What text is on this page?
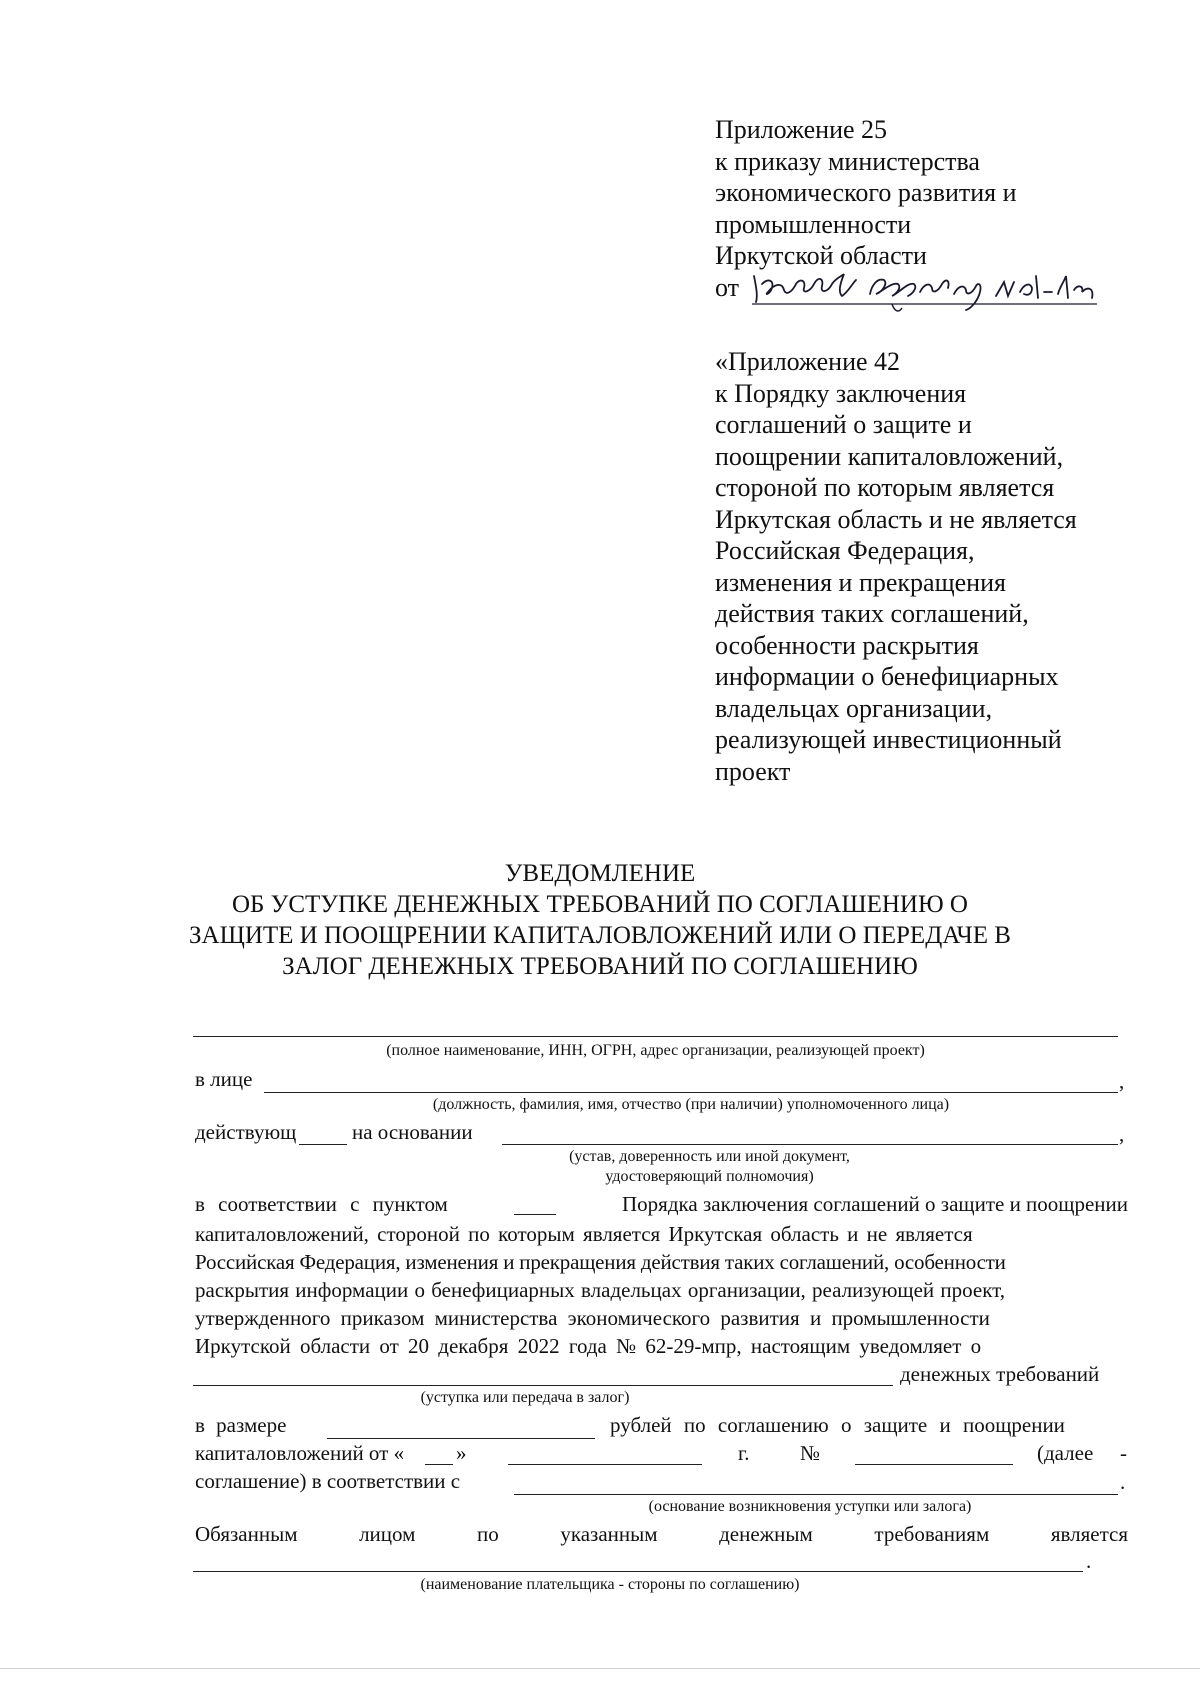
Приложение 25
к приказу министерства
экономического развития и
промышленности
Иркутской области
от
«Приложение 42
к Порядку заключения
соглашений о защите и
поощрении капиталовложений,
стороной по которым является
Иркутская область и не является
Российская Федерация,
изменения и прекращения
действия таких соглашений,
особенности раскрытия
информации о бенефициарных
владельцах организации,
реализующей инвестиционный
проект
УВЕДОМЛЕНИЕ
ОБ УСТУПКЕ ДЕНЕЖНЫХ ТРЕБОВАНИЙ ПО СОГЛАШЕНИЮ О
ЗАЩИТЕ И ПООЩРЕНИИ КАПИТАЛОВЛОЖЕНИЙ ИЛИ О ПЕРЕДАЧЕ В
ЗАЛОГ ДЕНЕЖНЫХ ТРЕБОВАНИЙ ПО СОГЛАШЕНИЮ
(полное наименование, ИНН, ОГРН, адрес организации, реализующей проект)
в лице	,
(должность, фамилия, имя, отчество (при наличии) уполномоченного лица)
действующ	на основании	,
(устав, доверенность или иной документ,
удостоверяющий полномочия)
в соответствии с пунктом	Порядка заключения соглашений о защите и поощрении
капиталовложений, стороной по которым является Иркутская область и не является
Российская Федерация, изменения и прекращения действия таких соглашений, особенности
раскрытия информации о бенефициарных владельцах организации, реализующей проект,
утвержденного приказом министерства экономического развития и промышленности
Иркутской области от 20 декабря 2022 года № 62-29-мпр, настоящим уведомляет о
денежных требований
(уступка или передача в залог)
в размере	рублей по соглашению о защите и поощрении
капиталовложений от « »	г. №	(далее -
соглашение) в соответствии с	.
(основание возникновения уступки или залога)
Обязанным	лицом	по	указанным	денежным	требованиям	является
.
(наименование плательщика - стороны по соглашению)
